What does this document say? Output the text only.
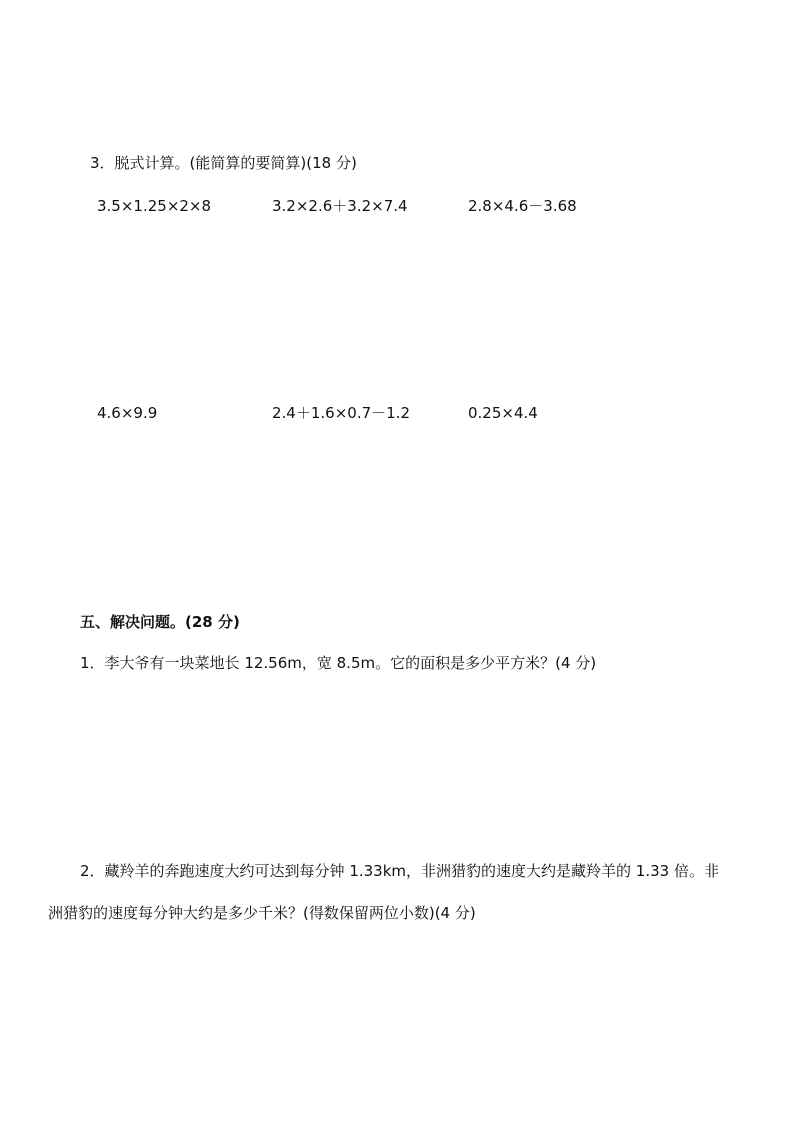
3．脱式计算。(能简算的要简算)(18 分)
3.5×1.25×2×8	3.2×2.6＋3.2×7.4	2.8×4.6－3.68
4.6×9.9	2.4＋1.6×0.7－1.2	0.25×4.4
五、解决问题。(28 分)
1．李大爷有一块菜地长 12.56m，宽 8.5m。它的面积是多少平方米？(4 分)
2．藏羚羊的奔跑速度大约可达到每分钟 1.33km，非洲猎豹的速度大约是藏羚羊的 1.33 倍。非
洲猎豹的速度每分钟大约是多少千米？(得数保留两位小数)(4 分)
